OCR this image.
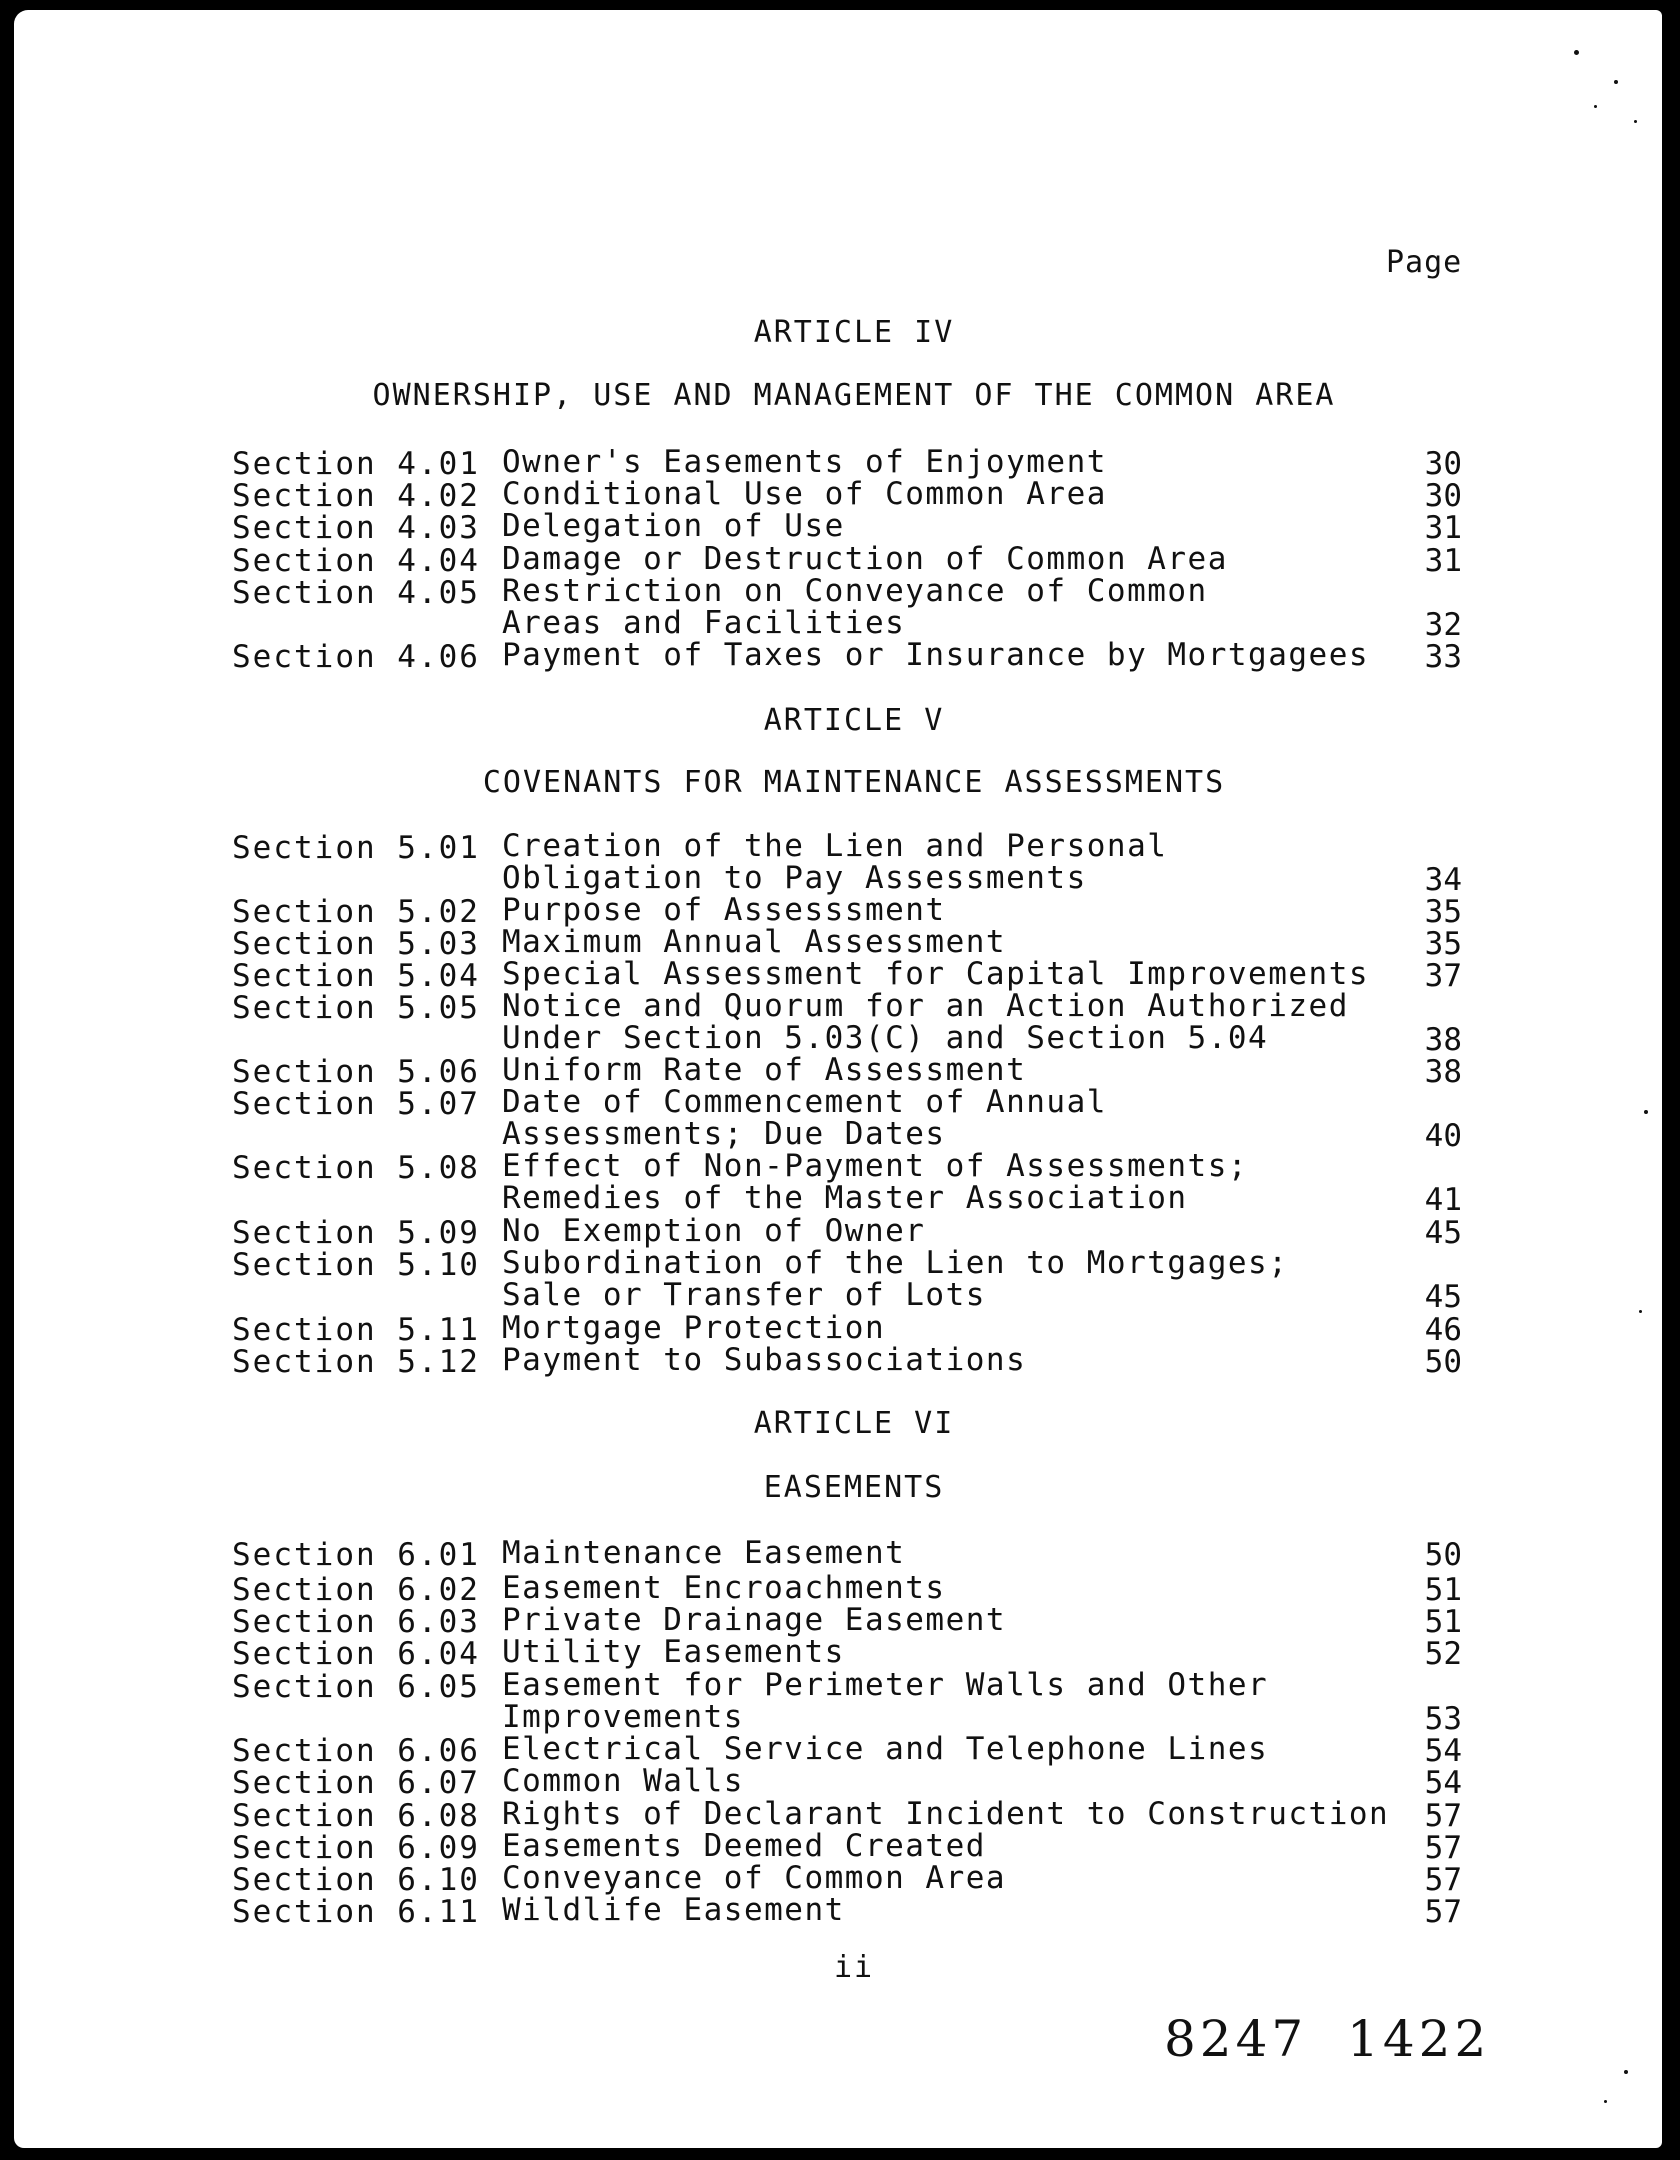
Page
ARTICLE IV
OWNERSHIP, USE AND MANAGEMENT OF THE COMMON AREA
Section 4.01 Owner's Easements of Enjoyment	30
Section 4.02 Conditional Use of Common Area	30
Section 4.03 Delegation of Use	31
Section 4.04 Damage or Destruction of Common Area	31
Section 4.05 Restriction on Conveyance of Common
Areas and Facilities	32
Section 4.06 Payment of Taxes or Insurance by Mortgagees	33
ARTICLE V
COVENANTS FOR MAINTENANCE ASSESSMENTS
Section 5.01 Creation of the Lien and Personal
Obligation to Pay Assessments	34
Section 5.02 Purpose of Assesssment	35
Section 5.03 Maximum Annual Assessment	35
Section 5.04 Special Assessment for Capital Improvements	37
Section 5.05 Notice and Quorum for an Action Authorized
Under Section 5.03(C) and Section 5.04	38
Section 5.06 Uniform Rate of Assessment	38
Section 5.07 Date of Commencement of Annual
Assessments; Due Dates	40
Section 5.08 Effect of Non-Payment of Assessments;
Remedies of the Master Association	41
Section 5.09 No Exemption of Owner	45
Section 5.10 Subordination of the Lien to Mortgages;
Sale or Transfer of Lots	45
Section 5.11 Mortgage Protection	46
Section 5.12 Payment to Subassociations	50
ARTICLE VI
EASEMENTS
Section 6.01 Maintenance Easement	50
Section 6.02 Easement Encroachments	51
Section 6.03 Private Drainage Easement	51
Section 6.04 Utility Easements	52
Section 6.05 Easement for Perimeter Walls and Other
Improvements	53
Section 6.06 Electrical Service and Telephone Lines	54
Section 6.07 Common Walls	54
Section 6.08 Rights of Declarant Incident to Construction	57
Section 6.09 Easements Deemed Created	57
Section 6.10 Conveyance of Common Area	57
Section 6.11 Wildlife Easement	57
ii
8247  1422
